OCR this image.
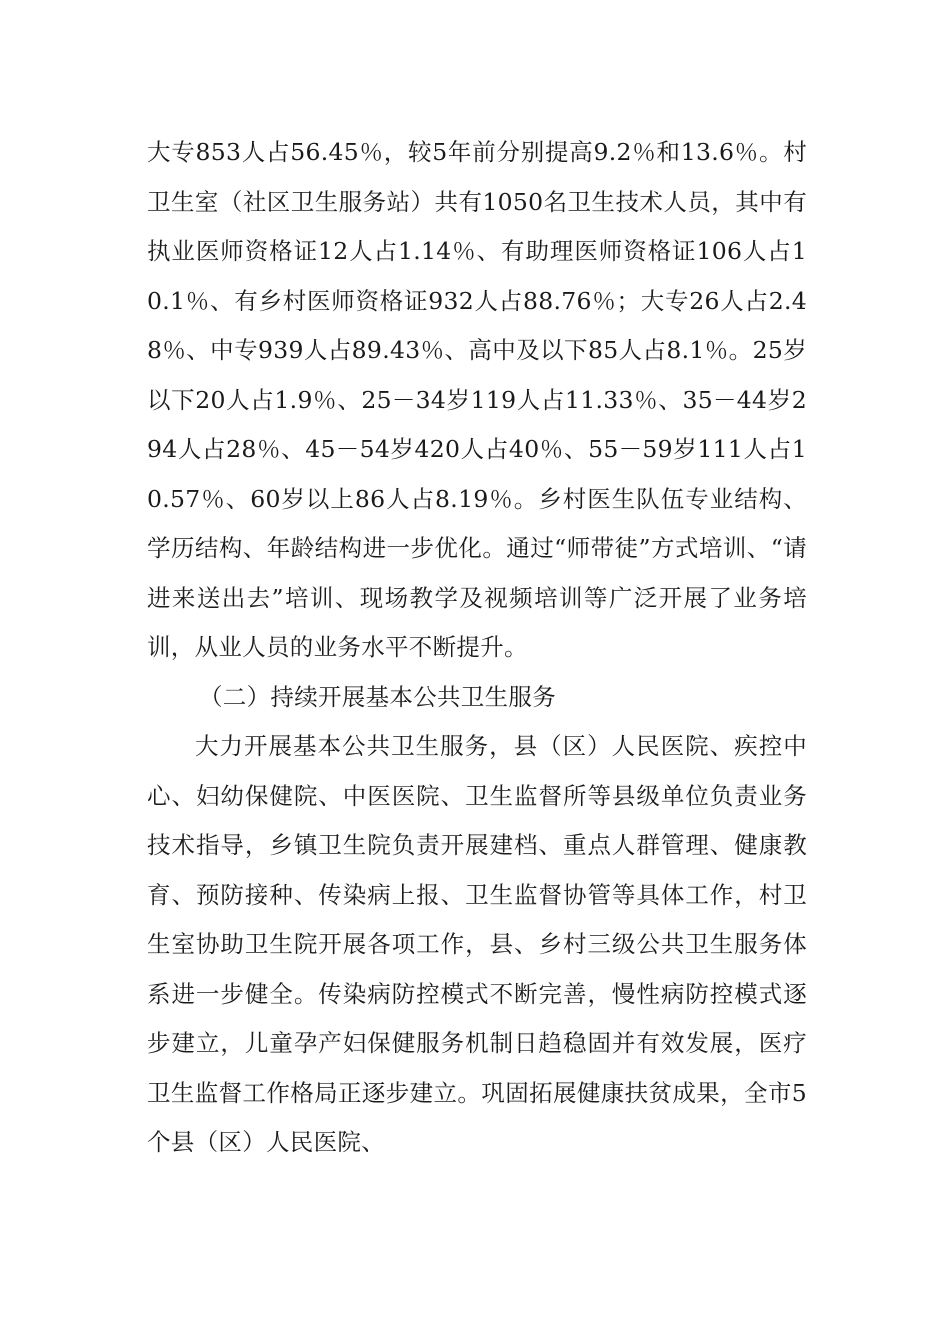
大专853人占56.45％，较5年前分别提高9.2％和13.6％。村卫生室（社区卫生服务站）共有1050名卫生技术人员，其中有执业医师资格证12人占1.14％、有助理医师资格证106人占10.1％、有乡村医师资格证932人占88.76％；大专26人占2.48％、中专939人占89.43％、高中及以下85人占8.1％。25岁以下20人占1.9％、25－34岁119人占11.33％、35－44岁294人占28％、45－54岁420人占40％、55－59岁111人占10.57％、60岁以上86人占8.19％。乡村医生队伍专业结构、学历结构、年龄结构进一步优化。通过“师带徒”方式培训、“请进来送出去”培训、现场教学及视频培训等广泛开展了业务培训，从业人员的业务水平不断提升。

（二）持续开展基本公共卫生服务

大力开展基本公共卫生服务，县（区）人民医院、疾控中心、妇幼保健院、中医医院、卫生监督所等县级单位负责业务技术指导，乡镇卫生院负责开展建档、重点人群管理、健康教育、预防接种、传染病上报、卫生监督协管等具体工作，村卫生室协助卫生院开展各项工作，县、乡村三级公共卫生服务体系进一步健全。传染病防控模式不断完善，慢性病防控模式逐步建立，儿童孕产妇保健服务机制日趋稳固并有效发展，医疗卫生监督工作格局正逐步建立。巩固拓展健康扶贫成果，全市5个县（区）人民医院、
